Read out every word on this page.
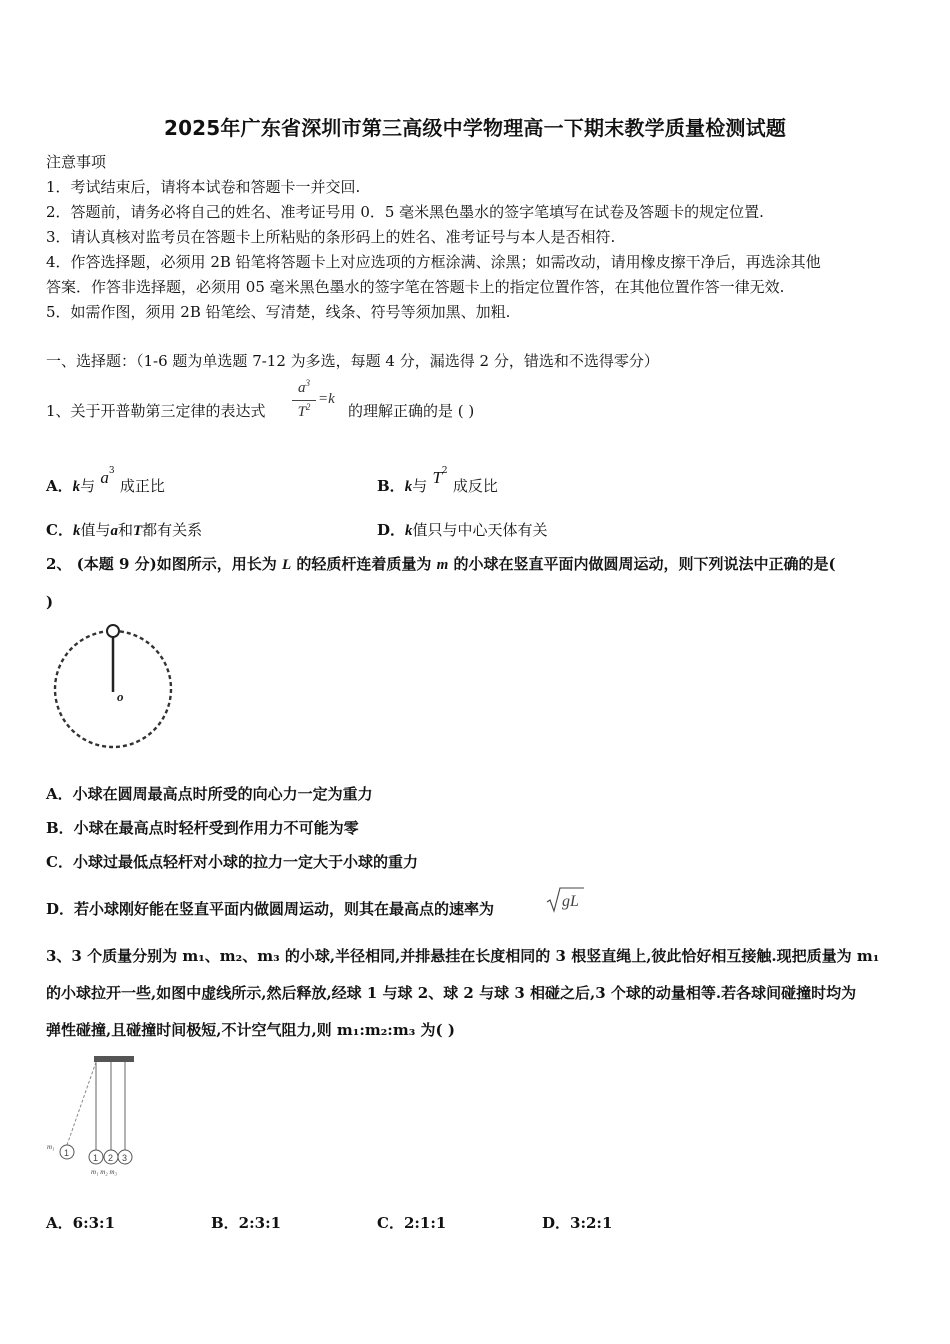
2025年广东省深圳市第三高级中学物理高一下期末教学质量检测试题
注意事项
1．考试结束后，请将本试卷和答题卡一并交回.
2．答题前，请务必将自己的姓名、准考证号用 0．5 毫米黑色墨水的签字笔填写在试卷及答题卡的规定位置.
3．请认真核对监考员在答题卡上所粘贴的条形码上的姓名、准考证号与本人是否相符.
4．作答选择题，必须用 2B 铅笔将答题卡上对应选项的方框涂满、涂黑；如需改动，请用橡皮擦干净后，再选涂其他
答案．作答非选择题，必须用 05 毫米黑色墨水的签字笔在答题卡上的指定位置作答，在其他位置作答一律无效.
5．如需作图，须用 2B 铅笔绘、写清楚，线条、符号等须加黑、加粗.
一、选择题：（1-6 题为单选题 7-12 为多选，每题 4 分，漏选得 2 分，错选和不选得零分）
1、关于开普勒第三定律的表达式
$a^3$
$T^2 =k$
的理解正确的是 ( )
A．k与 $a^3$ 成正比	B．k与 $T^2$ 成反比
C．k值与a和T都有关系	D．k值只与中心天体有关
2、 (本题 9 分)如图所示，用长为 L 的轻质杆连着质量为 m 的小球在竖直平面内做圆周运动，则下列说法中正确的是(
)
o
A．小球在圆周最高点时所受的向心力一定为重力
B．小球在最高点时轻杆受到作用力不可能为零
C．小球过最低点轻杆对小球的拉力一定大于小球的重力
D．若小球刚好能在竖直平面内做圆周运动，则其在最高点的速率为	gL
3、3 个质量分别为 m₁、m₂、m₃ 的小球,半径相同,并排悬挂在长度相同的 3 根竖直绳上,彼此恰好相互接触.现把质量为 m₁
的小球拉开一些,如图中虚线所示,然后释放,经球 1 与球 2、球 2 与球 3 相碰之后,3 个球的动量相等.若各球间碰撞时均为
弹性碰撞,且碰撞时间极短,不计空气阻力,则 m₁:m₂:m₃ 为( )
1
m₁
1 2 3
m₁ m₂ m₃
A．6:3:1	B．2:3:1	C．2:1:1	D．3:2:1
